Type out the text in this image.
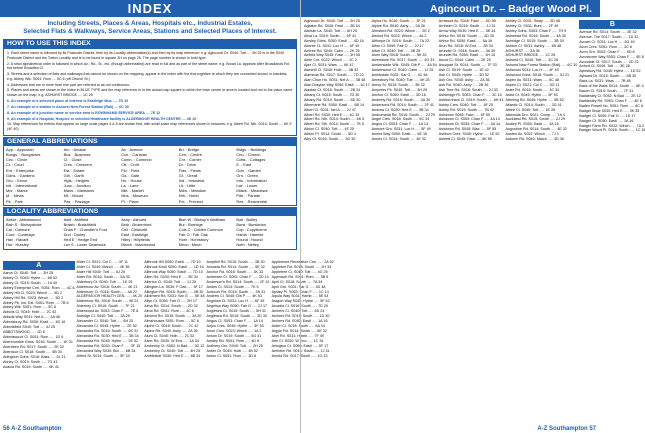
INDEX
Including Streets, Places & Areas, Hospitals etc., Industrial Estates,
Selected Flats & Walkways, Service Areas, Stations and Selected Places of Interest.
HOW TO USE THIS INDEX

1. Each street name is followed by its Postcode District, then by its Locality abbreviation(s) and then by its map reference; e.g. Agincourt Dr. S040: Tott .... 3H 25 is in the S040 Postcode District and the Totton Locality and is to be found in square 3H on page 25. The page number is shown in bold type.

2. A strict alphabetical order is followed in which Av., Rd., St., etc. (though abbreviated) are read in full and as part of the street name; e.g. Broad La. appears after Broadlands Rd. but before Broadlea Cl.

3. Streets and a selection of flats and walkways that cannot be shown on the mapping, appear in the index with the thoroughfare to which they are connected shown in brackets; e.g. Abbey Wlk. S051: Rom .... 5C 6 (off Church St.)

4. Addresses that are in more than one part are referred to as not continuous.

5. Places and areas are shown in the index in BLUE TYPE and the map reference is to the actual map square in which the town centre or area is located and not to the place name shown on the map; e.g. ASHURST BRIDGE .... 1C 26

6. An example of a selected place of interest is Eastleigh Mus. .... 7D 10

7. An example of a station is Ashurst New Forest Station (Rail) .... 6C 30

8. An example of a junction name or service area is ROWNHAMS SERVICE AREA .... 7E 12

9. An example of a Hospital, Hospice or selected Healthcare facility is ALDERMOOR HEALTH CENTRE .... 4K 20

10. Map references for entries that appear on large scale pages 4 & 5 are shown first, with small scale map references shown in brackets; e.g. Albert Rd. Nth. S014: South .... 6K 5 (4F 40)

GENERAL ABBREVIATIONS
App. : Approach	Arc. : Arcade	Av. : Avenue	Bri. : Bridge	Bldgs. : Buildings
Bungs. : Bungalows	Bus. : Business	Cvn. : Caravan	Cen. : Centre	Chu. : Church
Circ. : Circle	Cl. : Close	Comn. : Common	Cnr. : Corner	Cotts. : Cottages
Ct. : Court	Cres. : Crescent	Cft. : Croft	Dr. : Drive	E. : East
Ent. : Enterprise	Est. : Estate	Fld. : Field	Flds. : Fields	Gdn. : Garden
Gdns. : Gardens	Gth. : Garth	Ga. : Gate	Gt. : Great	Grn. : Green
Gro. : Grove	Hgts. : Heights	Ho. : House	Ind. : Industrial	Info. : Information
Intl. : International	Junc. : Junction	La. : Lane	Lit. : Little	Lwr. : Lower
Mnr. : Manor	Mans. : Mansions	Mkt. : Market	Mdw. : Meadow	Mdws. : Meadows
M. : Mews	Mt. : Mount	Mus. : Museum	Nth. : North	Pde. : Parade
Pk. : Park	Pas. : Passage	Pl. : Place	Pct. : Precinct	Res. : Residential
LOCALITY ABBREVIATIONS
Abbot : Abbotswood	Ashf : Ashfield	Ashy : Ashurst	Bish W : Bishop's Waltham	Botl : Botley
Bish S : Bishopstoke	Braish : Braishfield	Brok : Brokenford	Bur : Burridge	Bursl : Bursledon
Cal : Calmore	Chan F : Chandler's Ford	Chil : Chilworth	Cols C : Colden Common	Cop : Copythorne
Curd : Curdridge	Durl : Durley	East : Eastleigh	Fair O : Fair Oak	Hamb : Hamble
Hav : Havant	Hed E : Hedge End	Hlbry : Hillyfields	Horn : Hornsbury	Hound : Hound
Hur : Hursley	Lwr S : Lower Swanwick	March : Marchwood	Meon : Meon	Neth : Netley
A
Aaron Ct. S040: Tott ..... 3H 25
Abbey Cl. S045: Hythe ..... 4B 52
Abbey Ct. S015: South ..... 1A 40
Abbey Enterprise Cen. S051: Rom ..... 4C 6
Abbey Hill Cl. S023: Winch ..... 5D 2
Abbey Hill Rd. S023: Winch ..... 5D 2
Abbey Pk. Ind. Est. S051: Rom ..... 7B 6
Abbey Wlk. S051: Rom ..... 5C 6
Abbots Cl. S045: Holb ..... 2C 52
Abbots Way S031: Net A ..... 3A 48
Abbotsbury Rd. S050: Eastl ..... 4D 16
Abbotsfield S040: Tott ..... 4J 25
ABBOTSWOOD ..... 1D 6
Abbotswood Cl. S051: Rom ..... 1D 6
Abercrombie Gdns. S016: South ..... 1K 31
Aberdeen Rd. S017: South ..... 2E 32
Aberdour Cl. S018: South ..... 5B 34
Abingdon Gdns. S016: Bass ..... 5J 21
Abney Cl. S019: South ..... 7G 41
Acacia Rd. S019: South ..... 6K 41
Alder Cl. S021: Col C ..... 4F 11
Alder Cl. S040: March ..... 4E 36
Alder Hill S040: Tott ..... 6J 25
Alder Rd. S016: South ..... 5A 30
Alderbury Ct. S040: Tott ..... 1K 25
Aldermoor Av. S016: South ..... 4K 21
Aldermoor Cl. S016: South ..... 4A 22
ALDERMOOR HEALTH CEN. ..... 4K 20
Aldermoor Rd. S016: South ..... 4K 21
Alderney Cl. S016: South ..... 7F 21
Alderwood Av. S053: Chan F ..... 7E 8
Aldridge Cl. S040: Tott ..... 3A 25
Alexander Cl. S040: Tott ..... 6H 25
Alexandra Cl. S045: Hythe ..... 2E 52
Alexandra Rd. S015: South ..... 6K 31
Alexandra Rd. S030: Hed E ..... 3B 34
Alexandra Rd. S045: Hythe ..... 2E 52
Alexandra Rd. S053: Chan F ..... 3F 15
Alexandra Way S030: Bot ..... 6B 34
Alfred St. S014: South ..... 5F 33
Allbrook Hill S050: Eastl ..... 7D 10
Allbrook Knoll S050: Eastl ..... 1D 16
Allbrook Way S050: Eastl ..... 7D 10
Allen Rd. S030: Hed E ..... 5E 34
Allerton Cl. S040: Tott ..... 1J 25
Allington La. S030: F Oak ..... 3F 17
Allington Rd. S015: South ..... 4B 30
Allotment Rd. S031: Sar G ..... 5E 48
Allyn Ct. S050: Fair O ..... 2H 17
Alma Rd. S014: South ..... 2D 32
Alma Rd. S051: Rom ..... 4C 6
Almond Rd. S015: South ..... 3A 30
Almshouses S051: Rom ..... 5C 6
Alpine Cl. S018: South ..... 2C 42
Alpine Rd. S040: Ashy ..... 2A 36
Alum Cl. S045: Holb ..... 2C 52
Alver Rd. S030: W End ..... 1A 34
Amberley Cl. S052: N Bad ..... 2D 12
Amberley Ct. S040: Tott ..... 4H 25
Ambleside S030: Hed E ..... 6B 34
Ampthill Rd. S015: South ..... 3B 30
Ancasta Rd. S014: South ..... 5E 32
Anchor Rd. S018: South ..... 3K 33
Andersen Cl. S053: Chan F ..... 3D 14
Anderson's Rd. S014: South ..... 2F 41
Andes Cl. S014: South ..... 7K 5
Andover Rd. S015: South ..... 3H 31
Andrew Cl. S045: Dib P ..... 4K 53
Angelica Ct. S031: Loc H ..... 6F 49
Angelica Way S050: Fair O ..... 2J 17
Anglesea Ct. S015: South ..... 5H 31
Anglesea Rd. S015: South ..... 3D 30
Angus Cl. S053: Chan F ..... 1A 14
Anjou Cres. S045: Hythe ..... 5F 53
Anne Cres. S023: Winch ..... 1A 2
Anson Dr. S019: South ..... 5G 41
Anstey Rd. S051: Rom ..... 4D 6
Anthony Gro. S040: Tott ..... 2H 25
Antler Dr. S045: Holb ..... 4B 52
Anton Cl. S051: Rom ..... 3D 6
Applemore Recreation Cen. ..... 2A 52
Appleton Rd. S018: South ..... 2H 33
Appletree Cl. S040: Tott ..... 4G 25
Approach Rd. S051: Rom ..... 5B 6
April Cl. S018: South ..... 7A 34
April Gro. S031: Sar G ..... 4D 48
Apsley Pl. S053: Chan F ..... 1C 14
Aquila Way S031: Hamb ..... 5E 54
Aragon Way S045: Hythe ..... 5F 53
Arcadia Cl. S016: South ..... 7D 20
Archers Cl. S040: Tott ..... 6D 24
Archers Rd. S015: South ..... 1D 30
Archers Rd. S050: Eastl ..... 1A 16
Arden Cl. S018: South ..... 6A 34
Argyle Rd. S014: South ..... 6E 32
Ariel Rd. S031: Hamb ..... 7F 49
Arle Cl. S030: W End ..... 1C 34
Arlington Ct. S050: Eastl ..... 5F 17
Arnheim Rd. S016: South ..... 1J 31
Arnold Rd. S017: South ..... 1G 33
56 A-Z Southampton
Agincourt Dr. – Badger Wood Pl.
Agincourt Dr. S040: Tott ..... 3H 25
Agitator Rd. S045: Fawl ..... 3B 54
Aikman La. S040: Tott ..... 6H 25
Ailsa La. S019: South ..... 5F 41
Ainsley Gdns. S050: Eastl ..... 4D 16
Aintree Ct. S031: Loc H ..... 6F 49
Aintree Rd. S040: Calm ..... 2K 25
Airfield Way S045: Fawl ..... 3H 55
Airlie Cnr. S022: Winch ..... 1C 2
Ajax Cl. S031: Wars ..... 6K 47
Akeshill Cl. S045: Holb ..... 4B 52
Alameda Rd. S017: South ..... 7D 22
Alan Chun Ho. S031: Net A ..... 3B 48
Alan Drayton Way S050: Eastl ..... 6J 17
Alastair Ct. S018: South ..... 2B 34
Albany Ct. S015: South ..... 7D 30
Albany Rd. S015: South ..... 5D 30
Albemarle Rd. S050: Eastl ..... 6B 14
Albert Cl. S031: Net A ..... 2J 47
Albert Rd. S030: Hed E ..... 4C 34
Albert Rd. Nth. S014: South ..... 6K 5
Albert Rd. Sth. S014: South ..... 7K 5
Albion Cl. S040: Tott ..... 4F 25
Albion Pl. S014: South ..... 5D 4
Alby Ct. S016: South ..... 3D 30
Alpha Ho. S016: South ..... 3F 21
Alpine Rd. S040: Ashy ..... 2A 36
Alresford Rd. S024: Winch ..... 2E 2
Alsford Rd. S023: Winch ..... 4A 2
Althorpe Dr. S016: South ..... 7A 22
Alton Cl. S050: Fair O ..... 2J 17
Alton Ct. S040: Tott ..... 3B 26
Alum Way S018: South ..... 5K 33
Alverstone Rd. S017: South ..... 4G 33
Amberslade Wlk. S045: Dib P ..... 4A 54
Amberwood Cl. S040: Calm ..... 1J 25
Ambledale S031: Sar G ..... 4C 48
Amesbury Rd. S040: Tott ..... 4H 25
Amoy St. S015: South ..... 3B 32
Ampress Pk. S040: Tott ..... 3H 25
Anchor Cl. S050: Eastl ..... 3D 16
Anderby Rd. S016: South ..... 3A 30
Andersons Rd. S014: South ..... 2F 41
Andrew Ct. S030: Hed E ..... 3B 34
Andromeda Rd. S016: South ..... 2J 29
Angel Cres. S018: South ..... 5C 34
Angus Cl. S053: Chan F ..... 1A 14
Anmore Gro. S031: Loc H ..... 5F 49
Annes Way S050: Eastl ..... 6E 16
Annes Ct. S014: South ..... 4E 32
Arnwood Av. S045: Fawl ..... 5G 55
Arnheim Cl. S016: South ..... 1J 31
Arrow Way S030: Hed E ..... 5E 34
Arthur Rd. S015: South ..... 4D 30
Arthur Rd. S050: Eastl ..... 5A 16
Arun Rd. S018: W End ..... 2B 34
Arundel Ct. S016: South ..... 3A 30
Arundel Rd. S050: Eastl ..... 1H 15
Ascot Cl. S040: Calm ..... 2K 25
Ascupart St. S014: South ..... 7F 33
Ash Cl. S019: South ..... 1E 42
Ash Cl. S045: Hythe ..... 3D 52
Ash Gro. S040: Ashy ..... 2A 36
Ash Rd. S040: Ashy ..... 2B 36
Ash Tree Rd. S018: South ..... 2J 33
Ashbridge Ri. S053: Chan F ..... 3C 14
Ashburnham Cl. S019: South ..... 6H 41
Ashby Cres. S040: Tott ..... 6F 25
Ashby Rd. S019: South ..... 7B 42
Ashdown S045: Fawl ..... 5F 55
Ashdown Cl. S053: Chan F ..... 4A 14
Ashdown Dr. S053: Chan F ..... 4A 14
Ashdown Rd. S045: Blac ..... 5F 55
Ashford Cres. S045: Hythe ..... 1E 52
Ashlett Cl. S045: Fawl ..... 6K 55
Ashley Cl. S031: Sway ..... 3D 48
Ashley Ct. S031: Burs ..... 2F 49
Ashley Gdns. S053: Chan F ..... 7H 9
Ashmead Rd. S016: South ..... 4A 30
Ashridge Cl. S015: South ..... 3B 30
Ashton Cl. S031: Ashby ..... 4B 48
ASHURST ..... 2A 36
ASHURST BRIDGE ..... 1C 26
Ashurst Cl. S040: Tott ..... 3C 26
Ashurst New Forest Station (Rail) ..... 6C 30
Ashwood S031: Loc H ..... 4F 49
Ashwood Gdns. S016: South ..... 5J 21
Aspen Av. S031: Wars ..... 6C 48
Aspen Cl. S021: Col C ..... 5G 11
Aster Rd. S016: South ..... 3C 30
Astra Ct. S045: Hythe ..... 5F 53
Atheling Rd. S045: Hythe ..... 5B 52
Atlantic Cl. S014: South ..... 3G 41
Attlee Ct. S040: Tott ..... 1E 26
Attwoods Dro. S021: Comp ..... 7A 4
Auckland Rd. S015: South ..... 2J 29
Audley Pl. S050: Eastl ..... 3A 16
Augustine Rd. S014: South ..... 4E 32
Austen Av. S022: Winch ..... 7J 1
Autumn Rd. S040: March ..... 4D 36
B
Avenue Rd. S014: South ..... 3E 32
Avenue, The S017: South ..... 1D 32
Avocet Cl. S031: Loc H ..... 5G 49
Avon Cres. S051: Rom ..... 3C 6
Avon Grn. S053: Chan F ..... 5D 8
Avonborne Way S053: Chan F ..... 5E 8
Avondale Ct. S017: South ..... 2D 32
Axford Cl. S040: Tott ..... 3E 26
Aylesbury Rd. S045: Hythe ..... 1D 52
Aylward Dr. S015: South ..... 5B 30
Back La. S031: Wars ..... 7B 48
Back of the Walls S014: South ..... 6E 4
Bacon Cl. S019: South ..... 7F 41
Baddesley Cl. S052: N Bad ..... 2E 12
Baddesley Rd. S053: Chan F ..... 4E 8
Baden Powell Ho. S051: Rom ..... 6C 6
Badger Brow S030: Hed E ..... 3K 35
Badger Cl. S050: Fair O ..... 1K 17
Badger Ct. S050: Eastl ..... 1A 16
Badger Farm Rd. S022: Winch ..... 7A 2
Badger Wood Pl. S018: South ..... 1C 34
A-Z Southampton 57
